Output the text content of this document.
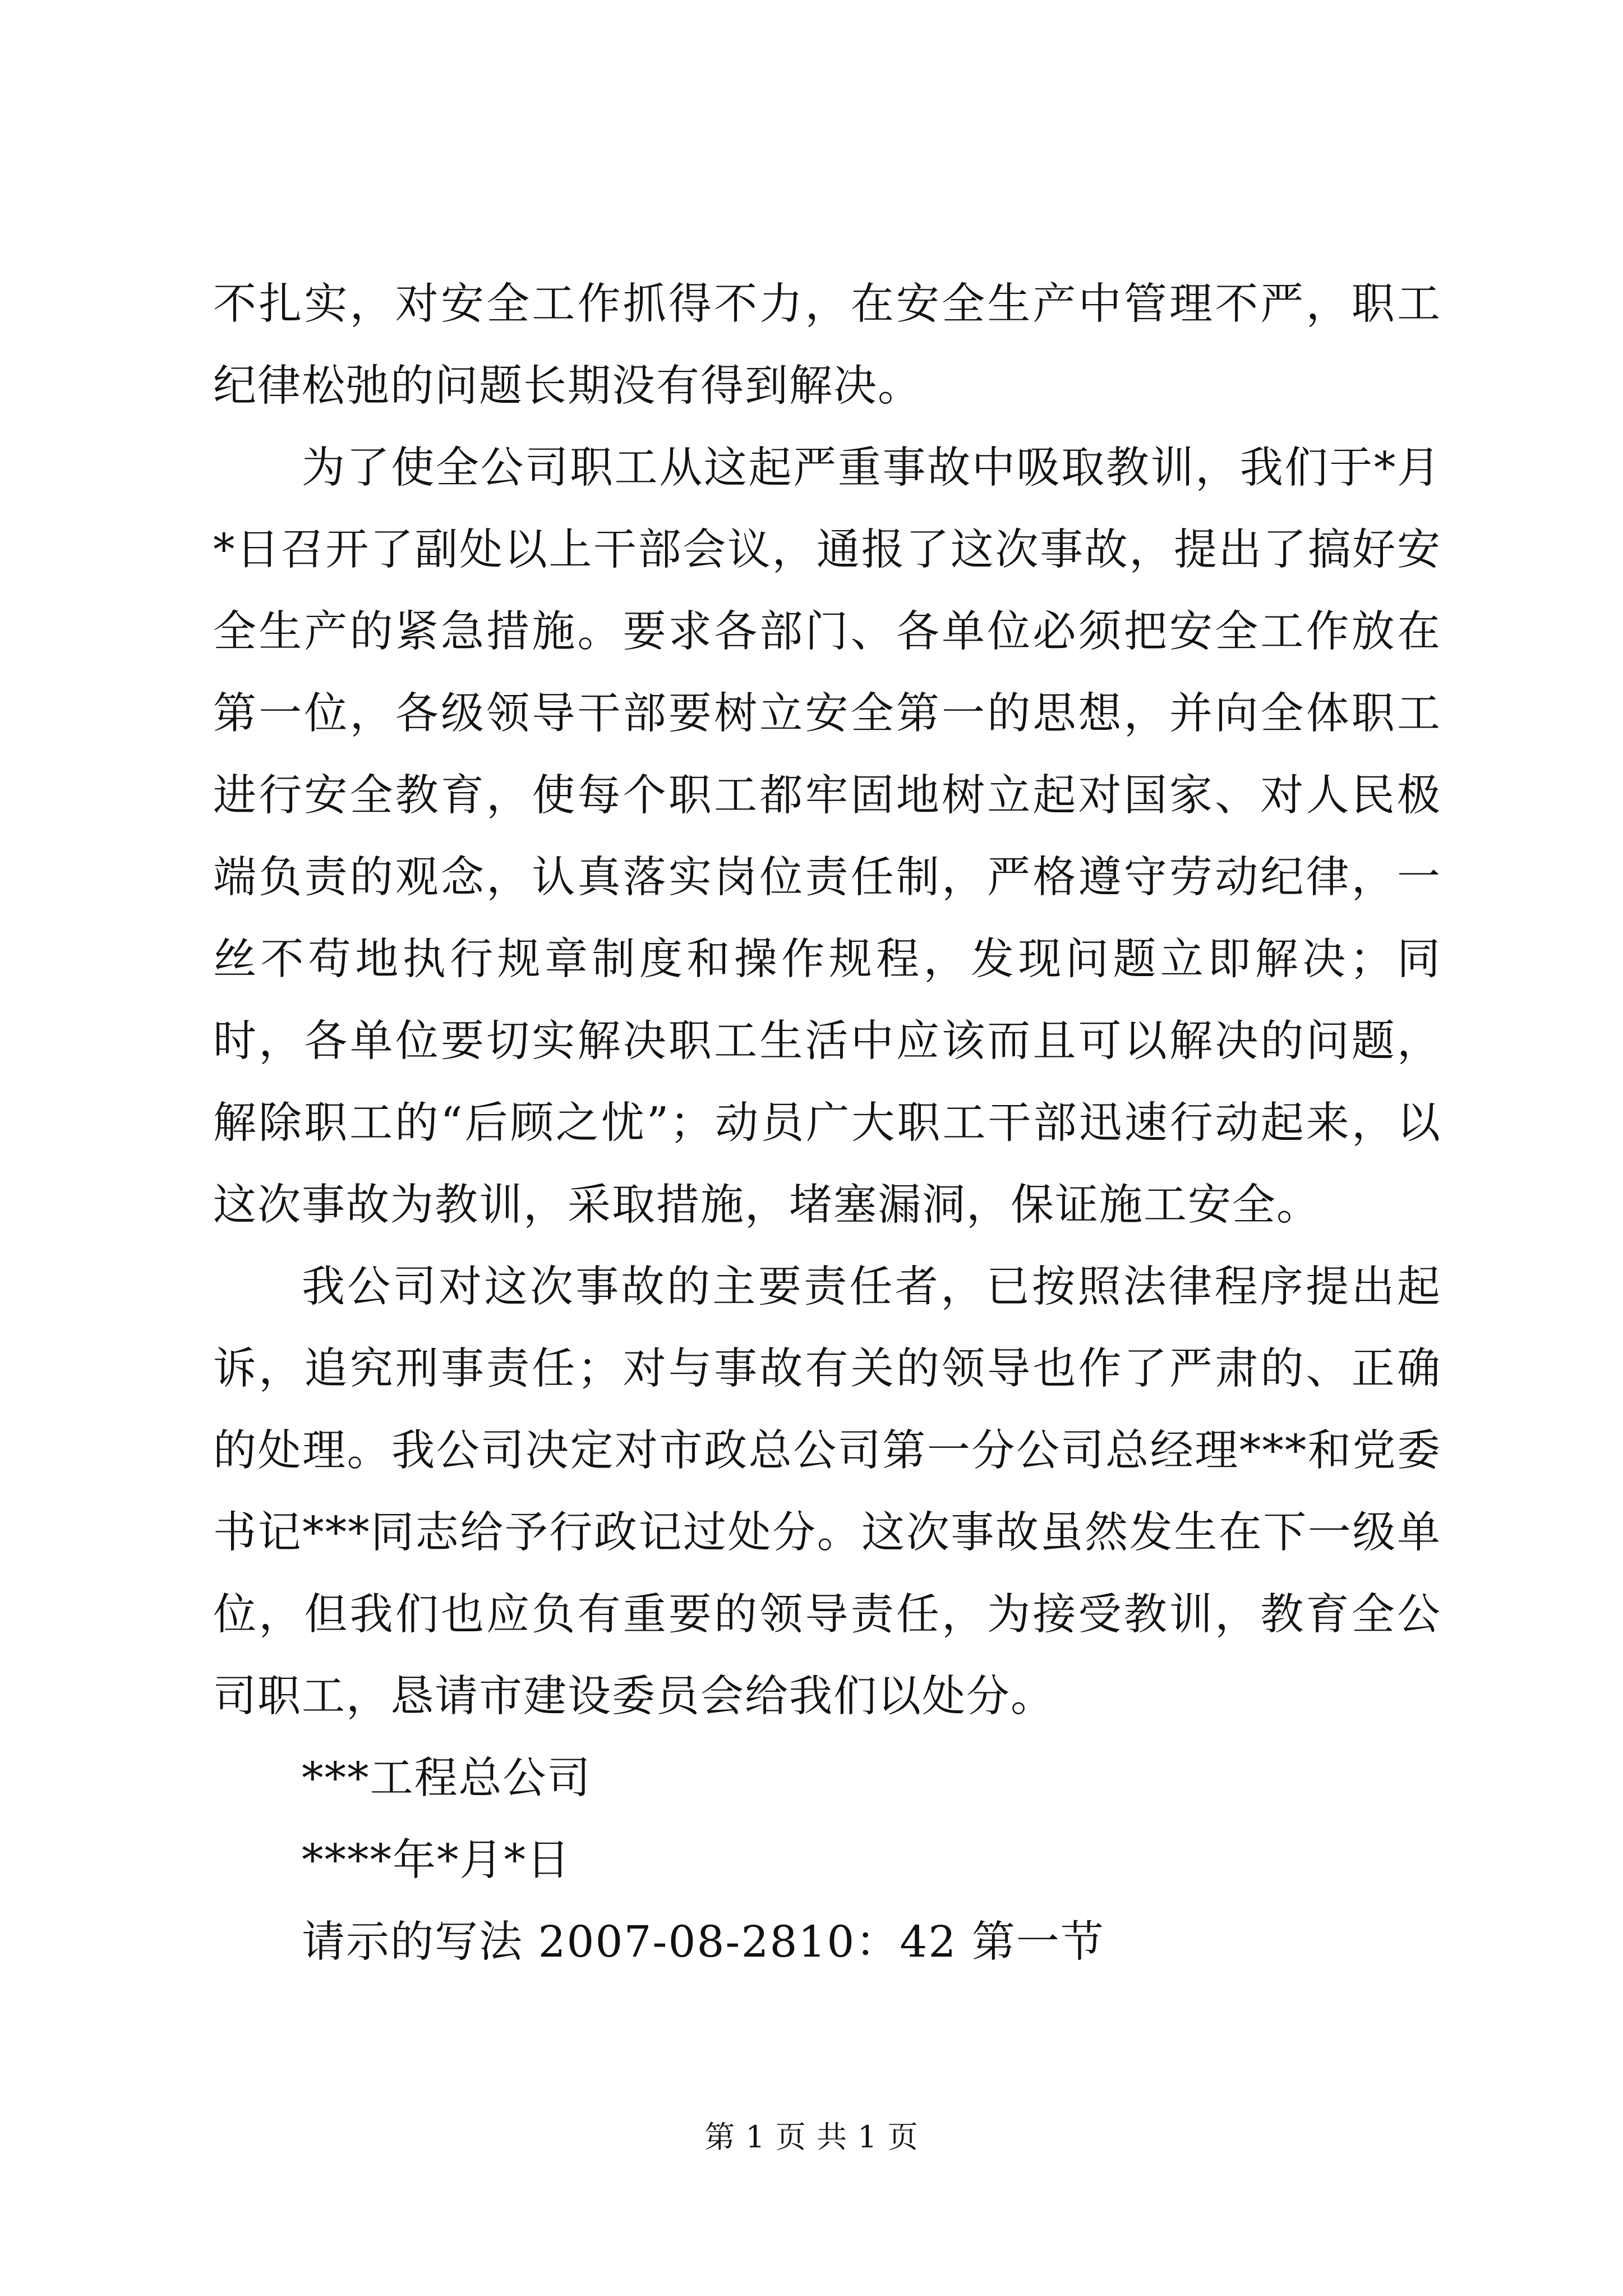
不扎实，对安全工作抓得不力，在安全生产中管理不严，职工纪律松弛的问题长期没有得到解决。

为了使全公司职工从这起严重事故中吸取教训，我们于*月*日召开了副处以上干部会议，通报了这次事故，提出了搞好安全生产的紧急措施。要求各部门、各单位必须把安全工作放在第一位，各级领导干部要树立安全第一的思想，并向全体职工进行安全教育，使每个职工都牢固地树立起对国家、对人民极端负责的观念，认真落实岗位责任制，严格遵守劳动纪律，一丝不苟地执行规章制度和操作规程，发现问题立即解决；同时，各单位要切实解决职工生活中应该而且可以解决的问题，解除职工的“后顾之忧”；动员广大职工干部迅速行动起来，以这次事故为教训，采取措施，堵塞漏洞，保证施工安全。

我公司对这次事故的主要责任者，已按照法律程序提出起诉，追究刑事责任；对与事故有关的领导也作了严肃的、正确的处理。我公司决定对市政总公司第一分公司总经理***和党委书记***同志给予行政记过处分。这次事故虽然发生在下一级单位，但我们也应负有重要的领导责任，为接受教训，教育全公司职工，恳请市建设委员会给我们以处分。

***工程总公司

****年*月*日

请示的写法 2007-08-2810：42 第一节

第 1 页 共 1 页
